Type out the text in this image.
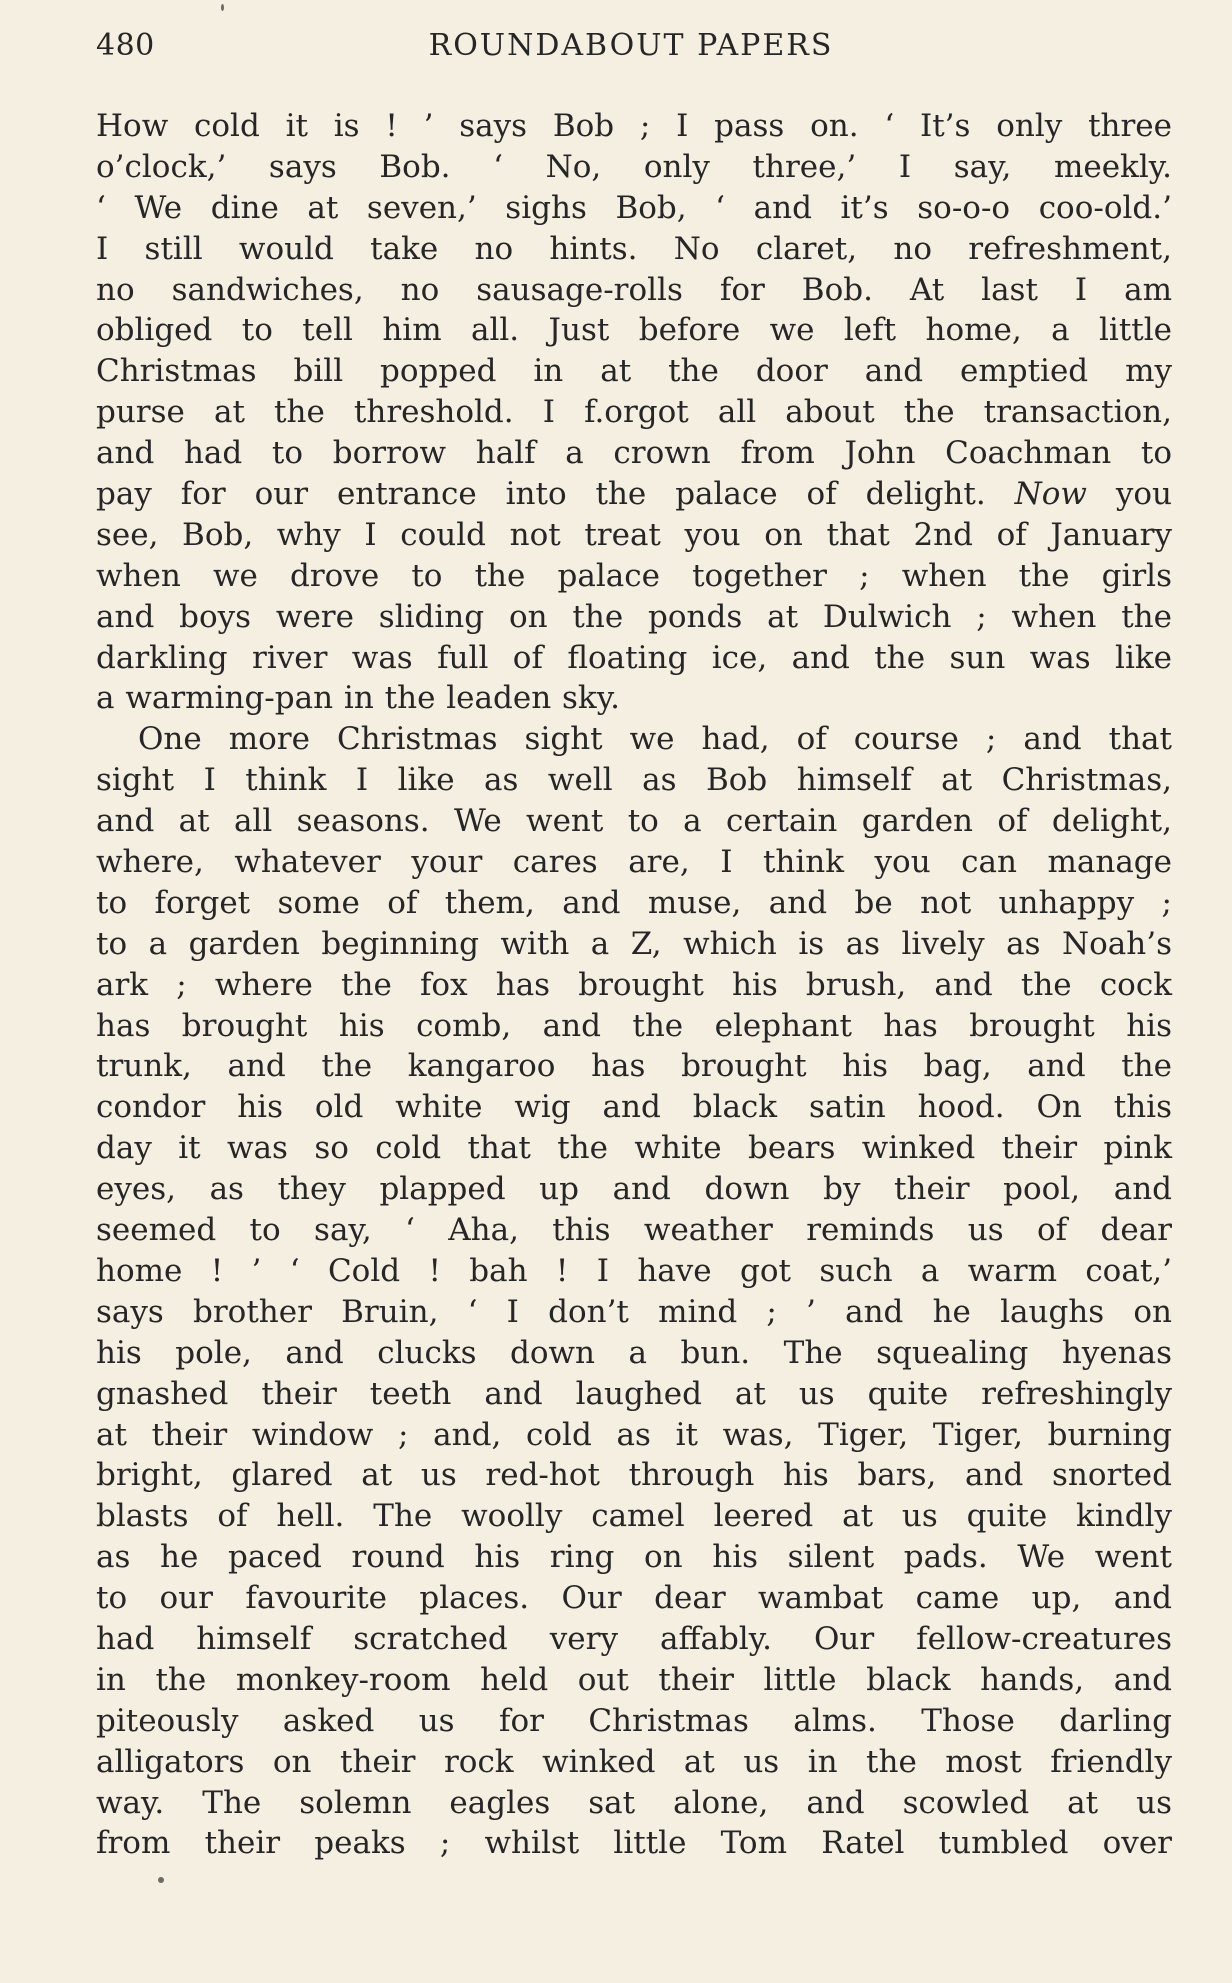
480	ROUNDABOUT PAPERS
How cold it is ! ’ says Bob ; I pass on. ‘ It’s only three
o’clock,’ says Bob. ‘ No, only three,’ I say, meekly.
‘ We dine at seven,’ sighs Bob, ‘ and it’s so-o-o coo-old.’
I still would take no hints. No claret, no refreshment,
no sandwiches, no sausage-rolls for Bob. At last I am
obliged to tell him all. Just before we left home, a little
Christmas bill popped in at the door and emptied my
purse at the threshold. I f.orgot all about the transaction,
and had to borrow half a crown from John Coachman to
pay for our entrance into the palace of delight. Now you
see, Bob, why I could not treat you on that 2nd of January
when we drove to the palace together ; when the girls
and boys were sliding on the ponds at Dulwich ; when the
darkling river was full of floating ice, and the sun was like
a warming-pan in the leaden sky.
One more Christmas sight we had, of course ; and that
sight I think I like as well as Bob himself at Christmas,
and at all seasons. We went to a certain garden of delight,
where, whatever your cares are, I think you can manage
to forget some of them, and muse, and be not unhappy ;
to a garden beginning with a Z, which is as lively as Noah’s
ark ; where the fox has brought his brush, and the cock
has brought his comb, and the elephant has brought his
trunk, and the kangaroo has brought his bag, and the
condor his old white wig and black satin hood. On this
day it was so cold that the white bears winked their pink
eyes, as they plapped up and down by their pool, and
seemed to say, ‘ Aha, this weather reminds us of dear
home ! ’ ‘ Cold ! bah ! I have got such a warm coat,’
says brother Bruin, ‘ I don’t mind ; ’ and he laughs on
his pole, and clucks down a bun. The squealing hyenas
gnashed their teeth and laughed at us quite refreshingly
at their window ; and, cold as it was, Tiger, Tiger, burning
bright, glared at us red-hot through his bars, and snorted
blasts of hell. The woolly camel leered at us quite kindly
as he paced round his ring on his silent pads. We went
to our favourite places. Our dear wambat came up, and
had himself scratched very affably. Our fellow-creatures
in the monkey-room held out their little black hands, and
piteously asked us for Christmas alms. Those darling
alligators on their rock winked at us in the most friendly
way. The solemn eagles sat alone, and scowled at us
from their peaks ; whilst little Tom Ratel tumbled over
